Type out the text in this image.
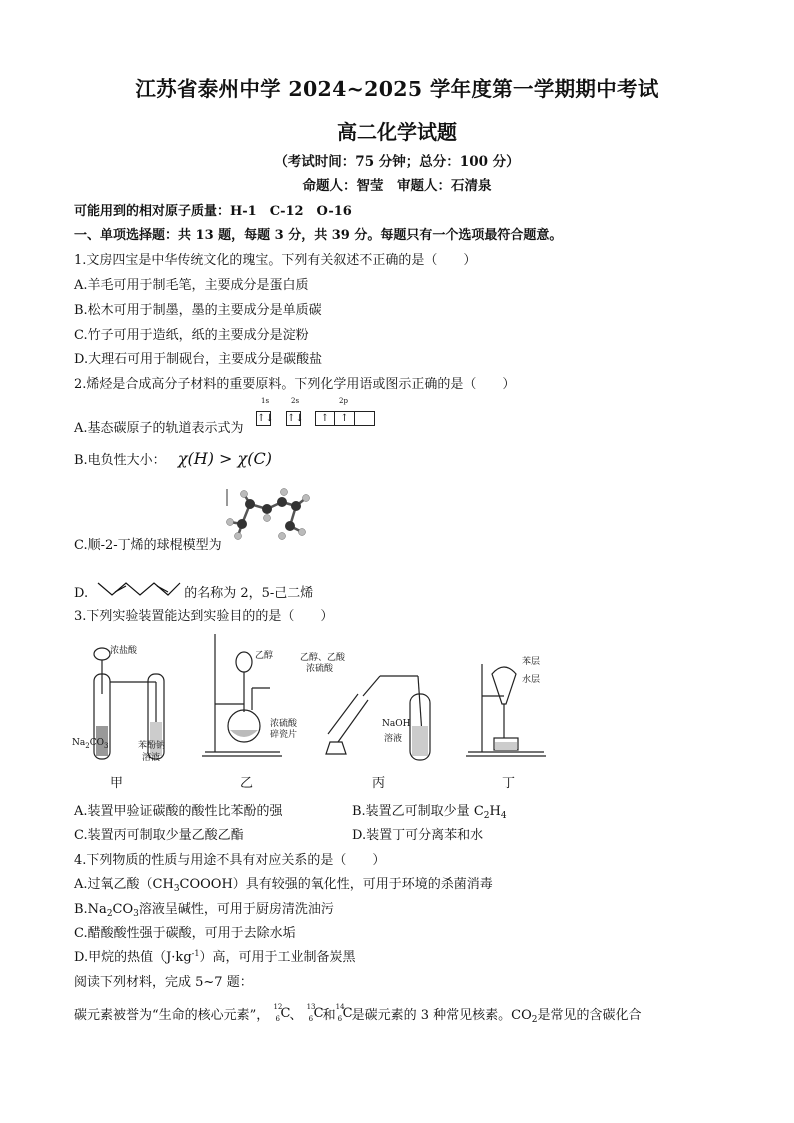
江苏省泰州中学 2024~2025 学年度第一学期期中考试
高二化学试题
（考试时间：75 分钟；总分：100 分）
命题人：智莹　审题人：石清泉
可能用到的相对原子质量：H-1　C-12　O-16
一、单项选择题：共 13 题，每题 3 分，共 39 分。每题只有一个选项最符合题意。
1.文房四宝是中华传统文化的瑰宝。下列有关叙述不正确的是（　　）
A.羊毛可用于制毛笔，主要成分是蛋白质
B.松木可用于制墨，墨的主要成分是单质碳
C.竹子可用于造纸，纸的主要成分是淀粉
D.大理石可用于制砚台，主要成分是碳酸盐
2.烯烃是合成高分子材料的重要原料。下列化学用语或图示正确的是（　　）
A.基态碳原子的轨道表示式为
1s
↑↓
2s
↑↓
2p
↑ ↑
B.电负性大小： χ(H) > χ(C)
C.顺-2-丁烯的球棍模型为
D.	的名称为 2，5-己二烯
3.下列实验装置能达到实验目的的是（　　）
浓盐酸
$Na_2CO_3$	苯酚钠
溶液
乙醇
浓硫酸
碎瓷片
乙醇、乙酸
浓硫酸
NaOH
溶液
苯层
水层
甲	乙	丙	丁
A.装置甲验证碳酸的酸性比苯酚的强	B.装置乙可制取少量 $C_2H_4$
C.装置丙可制取少量乙酸乙酯	D.装置丁可分离苯和水
4.下列物质的性质与用途不具有对应关系的是（　　）
A.过氧乙酸$(CH_3COOOH)$具有较强的氧化性，可用于环境的杀菌消毒
$B.Na_2CO_3$溶液呈碱性，可用于厨房清洗油污
C.醋酸酸性强于碳酸，可用于去除水垢
D.甲烷的热值$(J\cdot kg^{-1})$高，可用于工业制备炭黑
阅读下列材料，完成 5~7 题：
碳元素被誉为“生命的核心元素”，
12
6 C 、
13
6 C 和
14
6 C 是碳元素的 3 种常见核素。$CO_2$是常见的含碳化合
